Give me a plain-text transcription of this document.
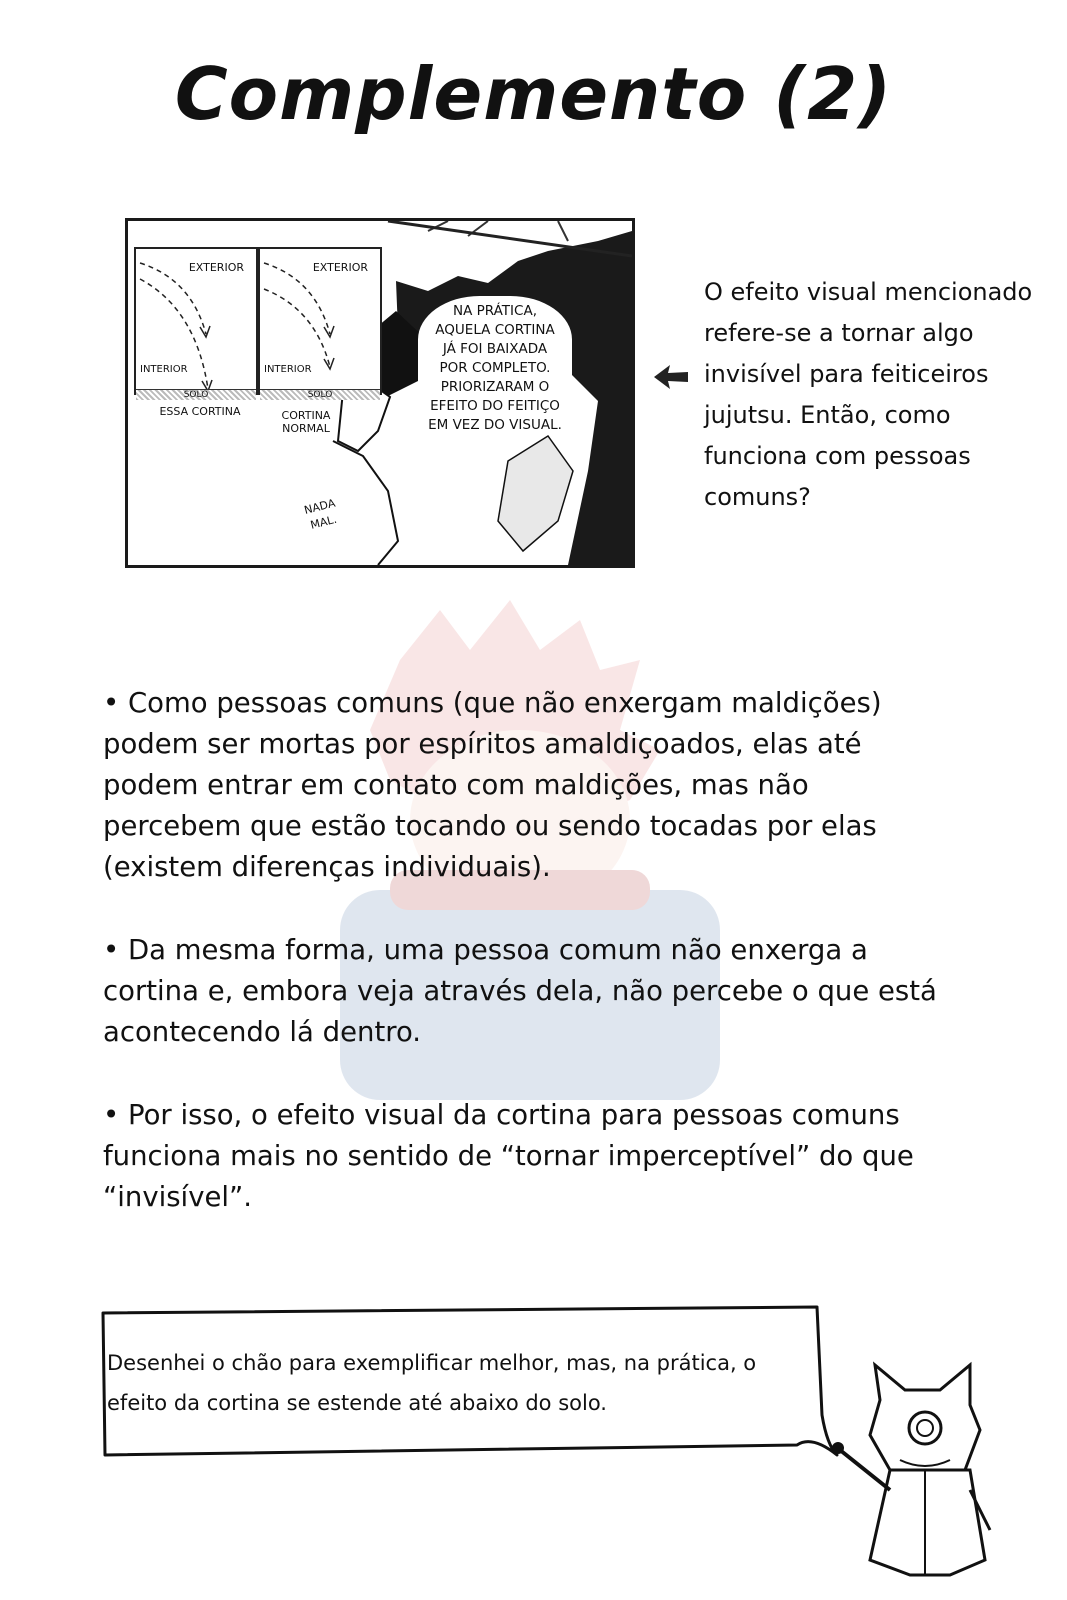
Complemento (2)
EXTERIOR
INTERIOR
SOLO
ESSA CORTINA
EXTERIOR
INTERIOR
SOLO
CORTINA
NORMAL
NA PRÁTICA,
AQUELA CORTINA
JÁ FOI BAIXADA
POR COMPLETO.
PRIORIZARAM O
EFEITO DO FEITIÇO
EM VEZ DO VISUAL.
NADA
MAL.
O efeito visual mencionado refere-se a tornar algo invisível para feiticeiros jujutsu. Então, como funciona com pessoas comuns?

• Como pessoas comuns (que não enxergam maldições) podem ser mortas por espíritos amaldiçoados, elas até podem entrar em contato com maldições, mas não percebem que estão tocando ou sendo tocadas por elas (existem diferenças individuais).

• Da mesma forma, uma pessoa comum não enxerga a cortina e, embora veja através dela, não percebe o que está acontecendo lá dentro.

• Por isso, o efeito visual da cortina para pessoas comuns funciona mais no sentido de “tornar imperceptível” do que “invisível”.

Desenhei o chão para exemplificar melhor, mas, na prática, o efeito da cortina se estende até abaixo do solo.
